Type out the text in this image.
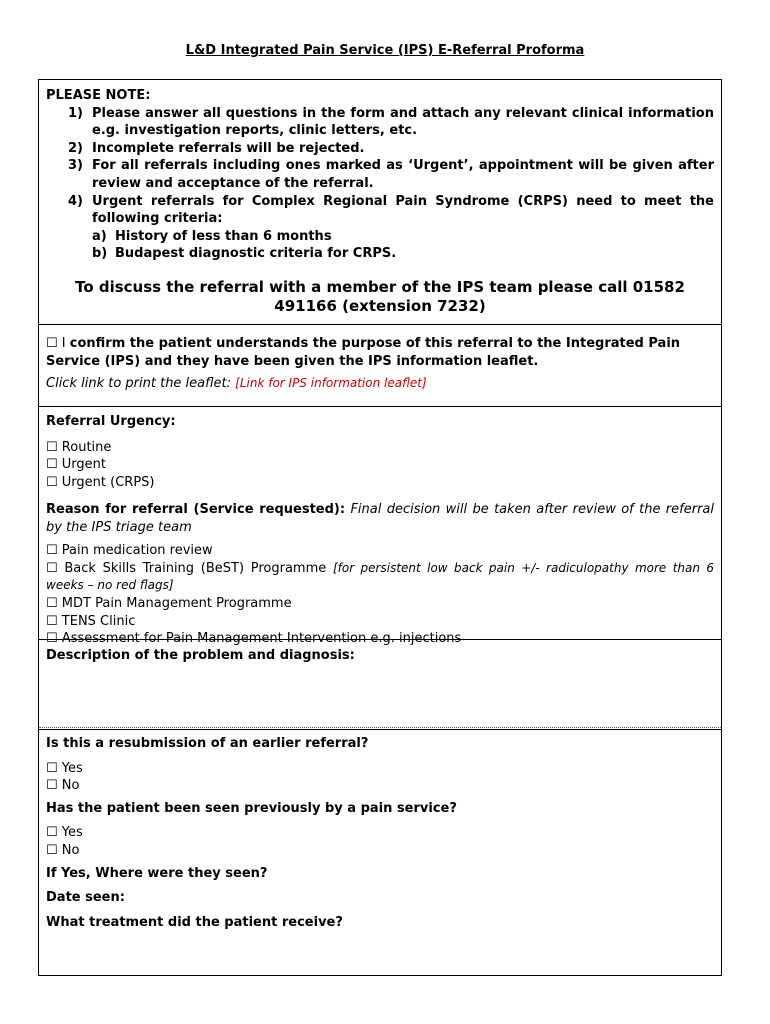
L&D Integrated Pain Service (IPS) E-Referral Proforma
PLEASE NOTE:
1) Please answer all questions in the form and attach any relevant clinical information e.g. investigation reports, clinic letters, etc.
2) Incomplete referrals will be rejected.
3) For all referrals including ones marked as ‘Urgent’, appointment will be given after review and acceptance of the referral.
4) Urgent referrals for Complex Regional Pain Syndrome (CRPS) need to meet the following criteria:
a) History of less than 6 months
b) Budapest diagnostic criteria for CRPS.
To discuss the referral with a member of the IPS team please call 01582 491166 (extension 7232)
☐ I confirm the patient understands the purpose of this referral to the Integrated Pain Service (IPS) and they have been given the IPS information leaflet.
Click link to print the leaflet: [Link for IPS information leaflet]
Referral Urgency:
☐ Routine
☐ Urgent
☐ Urgent (CRPS)
Reason for referral (Service requested): Final decision will be taken after review of the referral by the IPS triage team
☐ Pain medication review
☐ Back Skills Training (BeST) Programme [for persistent low back pain +/- radiculopathy more than 6 weeks – no red flags]
☐ MDT Pain Management Programme
☐ TENS Clinic
☐ Assessment for Pain Management Intervention e.g. injections
Description of the problem and diagnosis:
Is this a resubmission of an earlier referral?
☐ Yes
☐ No
Has the patient been seen previously by a pain service?
☐ Yes
☐ No
If Yes, Where were they seen?
Date seen:
What treatment did the patient receive?
